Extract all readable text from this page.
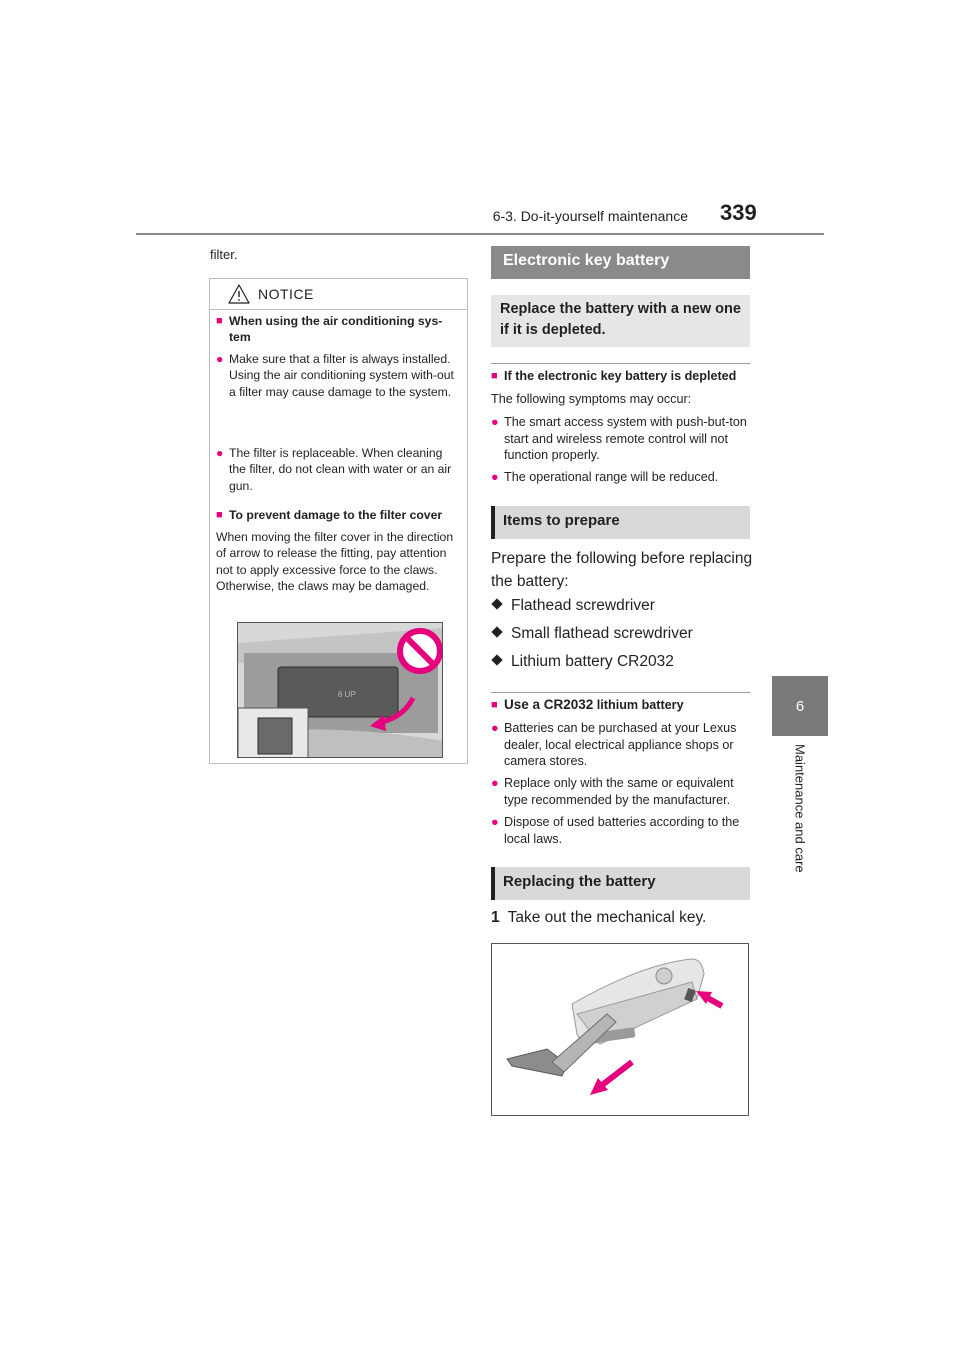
6-3. Do-it-yourself maintenance 339
6
Maintenance and care
filter.
NOTICE
■ When using the air conditioning sys-
tem
● Make sure that a filter is always installed. Using the air conditioning system with-out a filter may cause damage to the system.
● The filter is replaceable. When cleaning the filter, do not clean with water or an air gun.
■ To prevent damage to the filter cover
When moving the filter cover in the direction of arrow to release the fitting, pay attention not to apply excessive force to the claws. Otherwise, the claws may be damaged.
6 UP
Electronic key battery
Replace the battery with a new one if it is depleted.
■ If the electronic key battery is depleted
The following symptoms may occur:
● The smart access system with push-but-ton start and wireless remote control will not function properly.
● The operational range will be reduced.
Items to prepare
Prepare the following before replacing the battery:
Flathead screwdriver
Small flathead screwdriver
Lithium battery CR2032
■ Use a CR2032 lithium battery
● Batteries can be purchased at your Lexus dealer, local electrical appliance shops or camera stores.
● Replace only with the same or equivalent type recommended by the manufacturer.
● Dispose of used batteries according to the local laws.
Replacing the battery
1 Take out the mechanical key.
